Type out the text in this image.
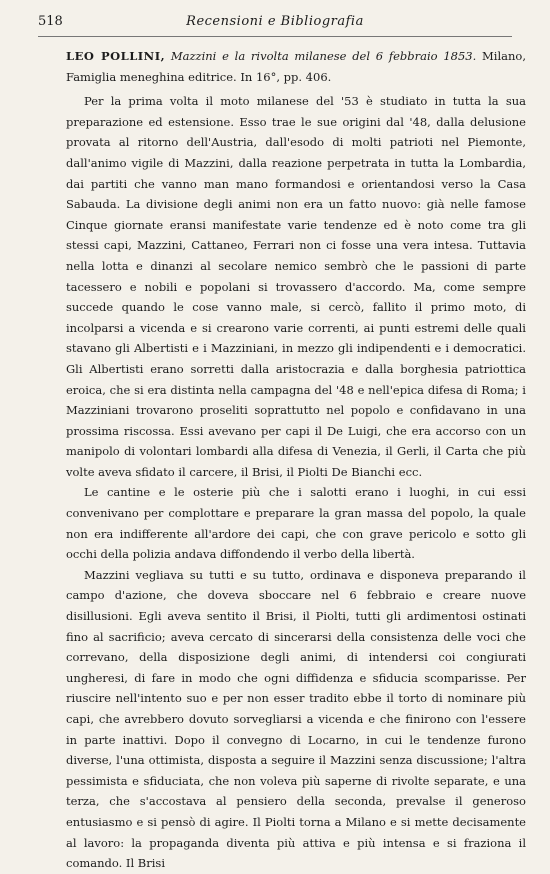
518	Recensioni e Bibliografia

LEO POLLINI, Mazzini e la rivolta milanese del 6 febbraio 1853. Milano, Famiglia meneghina editrice. In 16°, pp. 406.

Per la prima volta il moto milanese del '53 è studiato in tutta la sua preparazione ed estensione. Esso trae le sue origini dal '48, dalla delusione provata al ritorno dell'Austria, dall'esodo di molti patrioti nel Piemonte, dall'animo vigile di Mazzini, dalla reazione perpetrata in tutta la Lombardia, dai partiti che vanno man mano formandosi e orientandosi verso la Casa Sabauda. La divisione degli animi non era un fatto nuovo: già nelle famose Cinque giornate eransi manifestate varie tendenze ed è noto come tra gli stessi capi, Mazzini, Cattaneo, Ferrari non ci fosse una vera intesa. Tuttavia nella lotta e dinanzi al secolare nemico sembrò che le passioni di parte tacessero e nobili e popolani si trovassero d'accordo. Ma, come sempre succede quando le cose vanno male, si cercò, fallito il primo moto, di incolparsi a vicenda e si crearono varie correnti, ai punti estremi delle quali stavano gli Albertisti e i Mazziniani, in mezzo gli indipendenti e i democratici. Gli Albertisti erano sorretti dalla aristocrazia e dalla borghesia patriottica eroica, che si era distinta nella campagna del '48 e nell'epica difesa di Roma; i Mazziniani trovarono proseliti soprattutto nel popolo e confidavano in una prossima riscossa. Essi avevano per capi il De Luigi, che era accorso con un manipolo di volontari lombardi alla difesa di Venezia, il Gerli, il Carta che più volte aveva sfidato il carcere, il Brisi, il Piolti De Bianchi ecc.

Le cantine e le osterie più che i salotti erano i luoghi, in cui essi convenivano per complottare e preparare la gran massa del popolo, la quale non era indifferente all'ardore dei capi, che con grave pericolo e sotto gli occhi della polizia andava diffondendo il verbo della libertà.

Mazzini vegliava su tutti e su tutto, ordinava e disponeva preparando il campo d'azione, che doveva sboccare nel 6 febbraio e creare nuove disillusioni. Egli aveva sentito il Brisi, il Piolti, tutti gli ardimentosi ostinati fino al sacrificio; aveva cercato di sincerarsi della consistenza delle voci che correvano, della disposizione degli animi, di intendersi coi congiurati ungheresi, di fare in modo che ogni diffidenza e sfiducia scomparisse. Per riuscire nell'intento suo e per non esser tradito ebbe il torto di nominare più capi, che avrebbero dovuto sorvegliarsi a vicenda e che finirono con l'essere in parte inattivi. Dopo il convegno di Locarno, in cui le tendenze furono diverse, l'una ottimista, disposta a seguire il Mazzini senza discussione; l'altra pessimista e sfiduciata, che non voleva più saperne di rivolte separate, e una terza, che s'accostava al pensiero della seconda, prevalse il generoso entusiasmo e si pensò di agire. Il Piolti torna a Milano e si mette decisamente al lavoro: la propaganda diventa più attiva e più intensa e si fraziona il comando. Il Brisi
